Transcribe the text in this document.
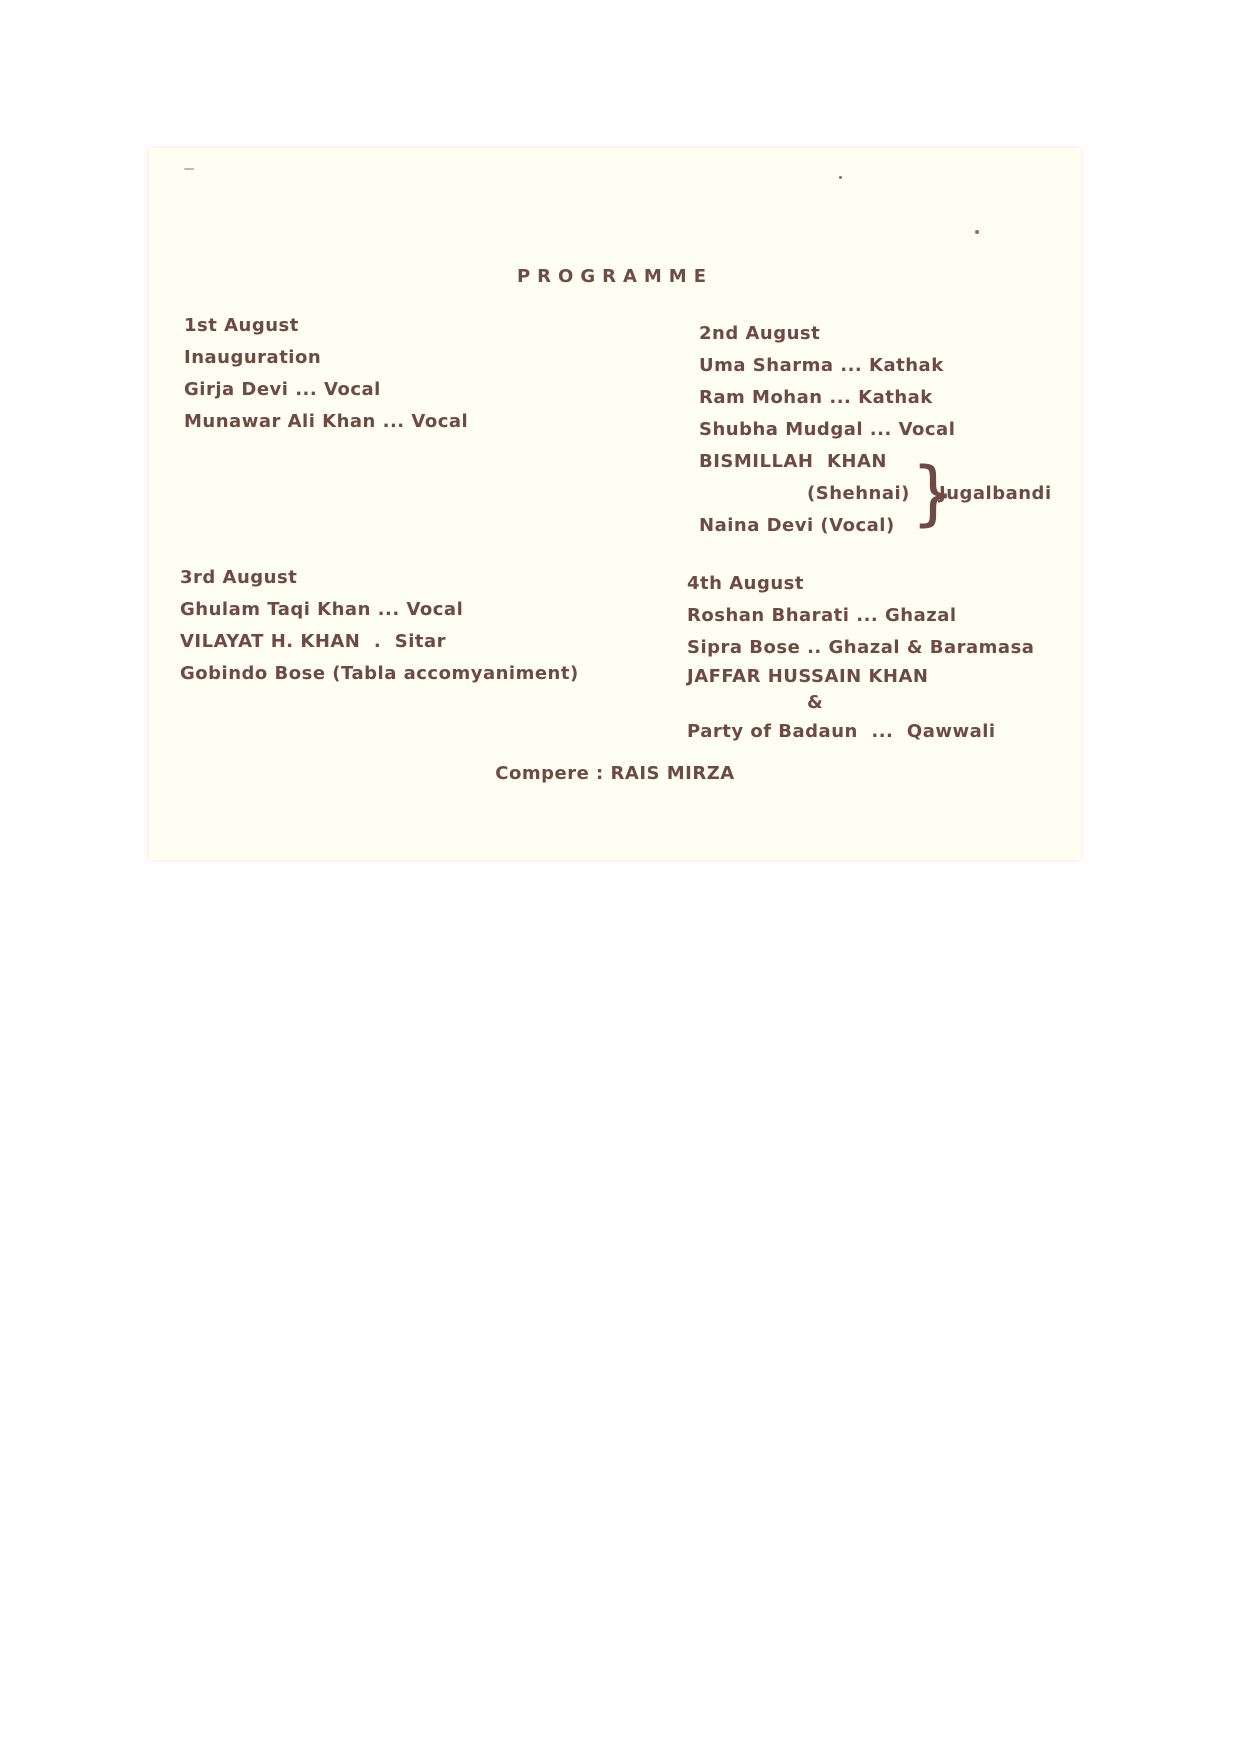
PROGRAMME
1st August
Inauguration
Girja Devi ... Vocal
Munawar Ali Khan ... Vocal
2nd August
Uma Sharma ... Kathak
Ram Mohan ... Kathak
Shubha Mudgal ... Vocal
BISMILLAH  KHAN
(Shehnai) }
Jugalbandi
Naina Devi (Vocal)
3rd August
Ghulam Taqi Khan ... Vocal
VILAYAT H. KHAN  .  Sitar
Gobindo Bose (Tabla accomyaniment)
4th August
Roshan Bharati ... Ghazal
Sipra Bose .. Ghazal & Baramasa
JAFFAR HUSSAIN KHAN
&
Party of Badaun  ...  Qawwali
Compere : RAIS MIRZA
